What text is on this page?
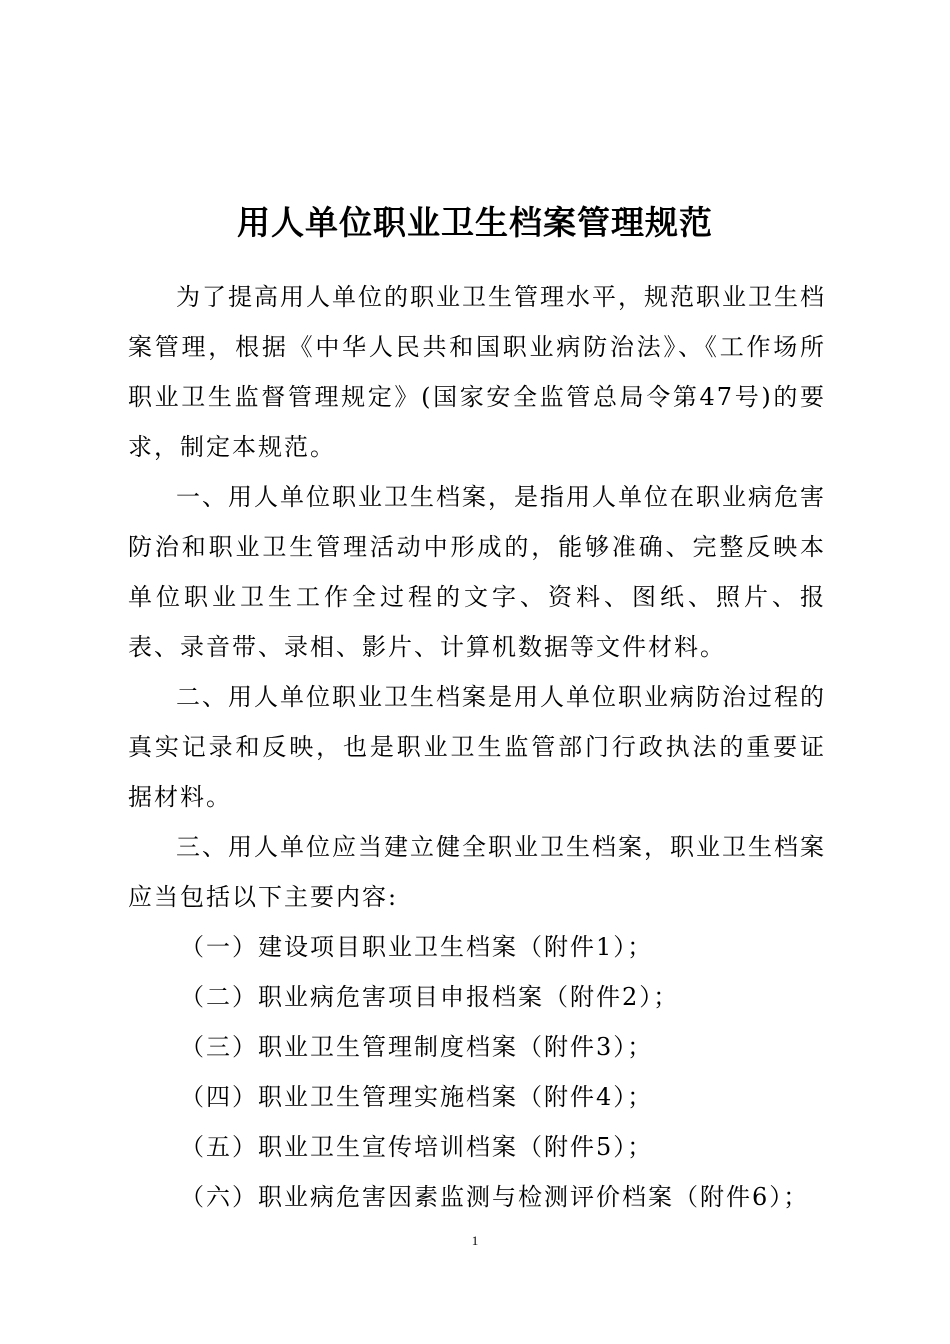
用人单位职业卫生档案管理规范

为了提高用人单位的职业卫生管理水平，规范职业卫生档案管理，根据《中华人民共和国职业病防治法》、《工作场所职业卫生监督管理规定》(国家安全监管总局令第47号)的要求，制定本规范。

一、用人单位职业卫生档案，是指用人单位在职业病危害防治和职业卫生管理活动中形成的，能够准确、完整反映本单位职业卫生工作全过程的文字、资料、图纸、照片、报表、录音带、录相、影片、计算机数据等文件材料。

二、用人单位职业卫生档案是用人单位职业病防治过程的真实记录和反映，也是职业卫生监管部门行政执法的重要证据材料。

三、用人单位应当建立健全职业卫生档案，职业卫生档案应当包括以下主要内容:

（一）建设项目职业卫生档案（附件1）；

（二）职业病危害项目申报档案（附件2）；

（三）职业卫生管理制度档案（附件3）；

（四）职业卫生管理实施档案（附件4）；

（五）职业卫生宣传培训档案（附件5）；

（六）职业病危害因素监测与检测评价档案（附件6）；

1
